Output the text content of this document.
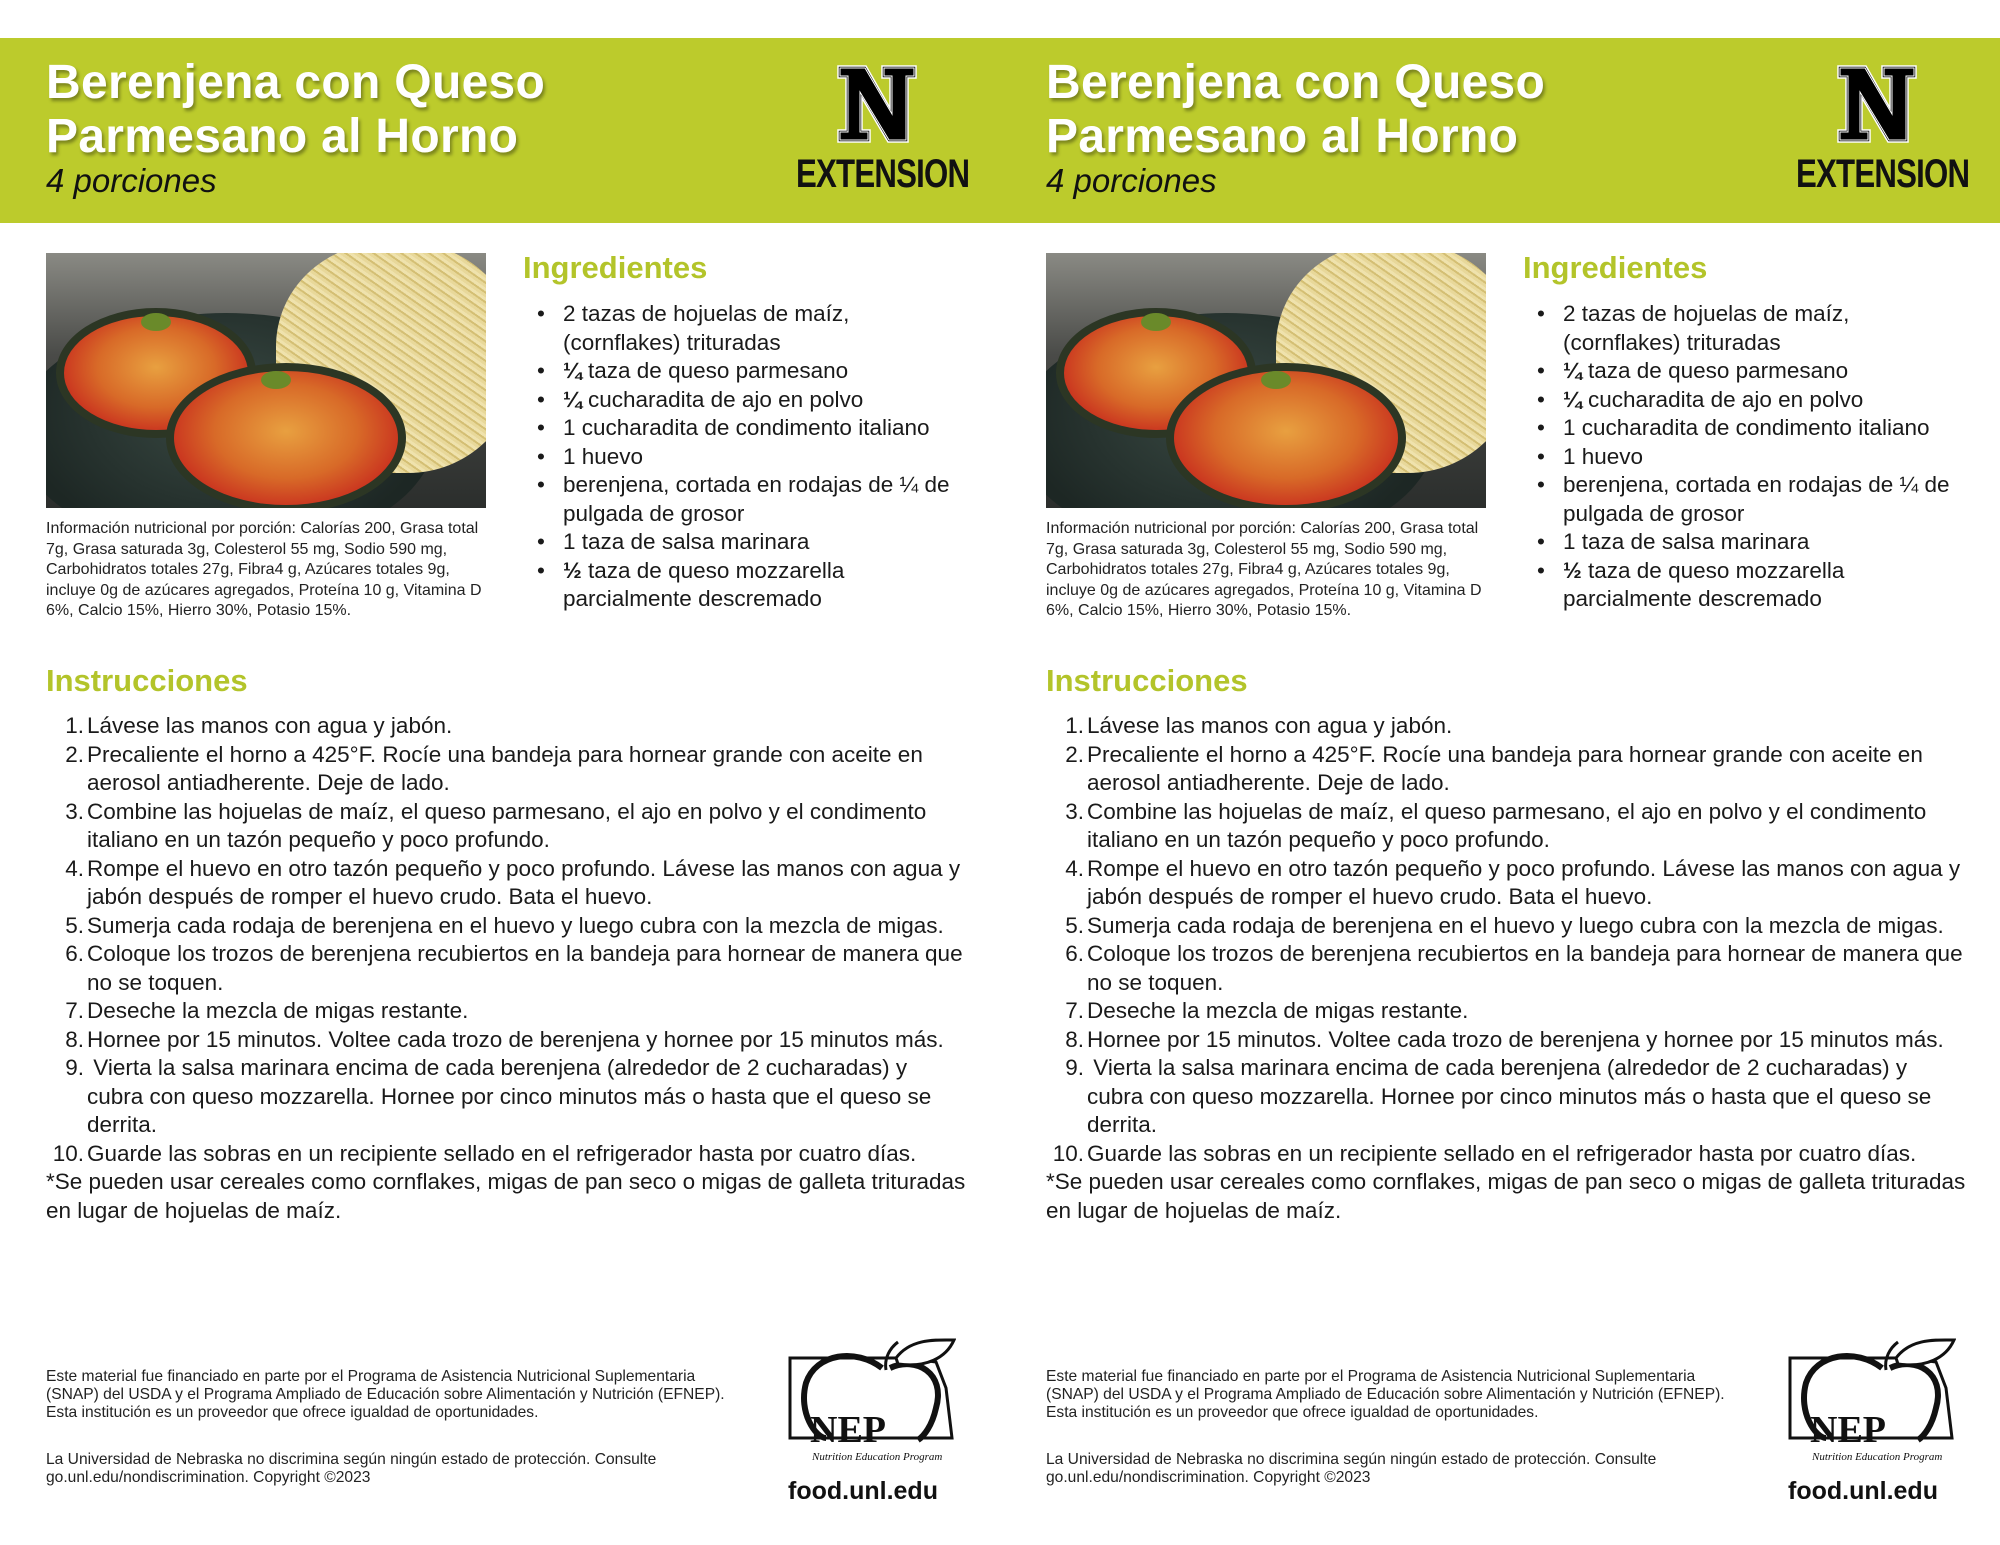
Berenjena con Queso
Parmesano al Horno
4 porciones	EXTENSION
Información nutricional por porción: Calorías 200, Grasa total 7g, Grasa saturada 3g, Colesterol 55 mg, Sodio 590 mg, Carbohidratos totales 27g, Fibra4 g, Azúcares totales 9g, incluye 0g de azúcares agregados, Proteína 10 g, Vitamina D 6%, Calcio 15%, Hierro 30%, Potasio 15%.
Ingredientes
• 2 tazas de hojuelas de maíz, (cornflakes) trituradas
• ¼ taza de queso parmesano
• ¼ cucharadita de ajo en polvo
• 1 cucharadita de condimento italiano
• 1 huevo
• berenjena, cortada en rodajas de ¼ de pulgada de grosor
• 1 taza de salsa marinara
• ½ taza de queso mozzarella parcialmente descremado
Instrucciones
1. Lávese las manos con agua y jabón.
2. Precaliente el horno a 425°F. Rocíe una bandeja para hornear grande con aceite en aerosol antiadherente. Deje de lado.
3. Combine las hojuelas de maíz, el queso parmesano, el ajo en polvo y el condimento italiano en un tazón pequeño y poco profundo.
4. Rompe el huevo en otro tazón pequeño y poco profundo. Lávese las manos con agua y jabón después de romper el huevo crudo. Bata el huevo.
5. Sumerja cada rodaja de berenjena en el huevo y luego cubra con la mezcla de migas.
6. Coloque los trozos de berenjena recubiertos en la bandeja para hornear de manera que no se toquen.
7. Deseche la mezcla de migas restante.
8. Hornee por 15 minutos. Voltee cada trozo de berenjena y hornee por 15 minutos más.
9. Vierta la salsa marinara encima de cada berenjena (alrededor de 2 cucharadas) y cubra con queso mozzarella. Hornee por cinco minutos más o hasta que el queso se derrita.
10. Guarde las sobras en un recipiente sellado en el refrigerador hasta por cuatro días.
*Se pueden usar cereales como cornflakes, migas de pan seco o migas de galleta trituradas en lugar de hojuelas de maíz.
Este material fue financiado en parte por el Programa de Asistencia Nutricional Suplementaria (SNAP) del USDA y el Programa Ampliado de Educación sobre Alimentación y Nutrición (EFNEP). Esta institución es un proveedor que ofrece igualdad de oportunidades.
La Universidad de Nebraska no discrimina según ningún estado de protección. Consulte go.unl.edu/nondiscrimination. Copyright ©2023
NEP
Nutrition Education Program
food.unl.edu
Berenjena con Queso
Parmesano al Horno
4 porciones	EXTENSION
Información nutricional por porción: Calorías 200, Grasa total 7g, Grasa saturada 3g, Colesterol 55 mg, Sodio 590 mg, Carbohidratos totales 27g, Fibra4 g, Azúcares totales 9g, incluye 0g de azúcares agregados, Proteína 10 g, Vitamina D 6%, Calcio 15%, Hierro 30%, Potasio 15%.
Ingredientes
• 2 tazas de hojuelas de maíz, (cornflakes) trituradas
• ¼ taza de queso parmesano
• ¼ cucharadita de ajo en polvo
• 1 cucharadita de condimento italiano
• 1 huevo
• berenjena, cortada en rodajas de ¼ de pulgada de grosor
• 1 taza de salsa marinara
• ½ taza de queso mozzarella parcialmente descremado
Instrucciones
1. Lávese las manos con agua y jabón.
2. Precaliente el horno a 425°F. Rocíe una bandeja para hornear grande con aceite en aerosol antiadherente. Deje de lado.
3. Combine las hojuelas de maíz, el queso parmesano, el ajo en polvo y el condimento italiano en un tazón pequeño y poco profundo.
4. Rompe el huevo en otro tazón pequeño y poco profundo. Lávese las manos con agua y jabón después de romper el huevo crudo. Bata el huevo.
5. Sumerja cada rodaja de berenjena en el huevo y luego cubra con la mezcla de migas.
6. Coloque los trozos de berenjena recubiertos en la bandeja para hornear de manera que no se toquen.
7. Deseche la mezcla de migas restante.
8. Hornee por 15 minutos. Voltee cada trozo de berenjena y hornee por 15 minutos más.
9. Vierta la salsa marinara encima de cada berenjena (alrededor de 2 cucharadas) y cubra con queso mozzarella. Hornee por cinco minutos más o hasta que el queso se derrita.
10. Guarde las sobras en un recipiente sellado en el refrigerador hasta por cuatro días.
*Se pueden usar cereales como cornflakes, migas de pan seco o migas de galleta trituradas en lugar de hojuelas de maíz.
Este material fue financiado en parte por el Programa de Asistencia Nutricional Suplementaria (SNAP) del USDA y el Programa Ampliado de Educación sobre Alimentación y Nutrición (EFNEP). Esta institución es un proveedor que ofrece igualdad de oportunidades.
La Universidad de Nebraska no discrimina según ningún estado de protección. Consulte go.unl.edu/nondiscrimination. Copyright ©2023
NEP
Nutrition Education Program
food.unl.edu
